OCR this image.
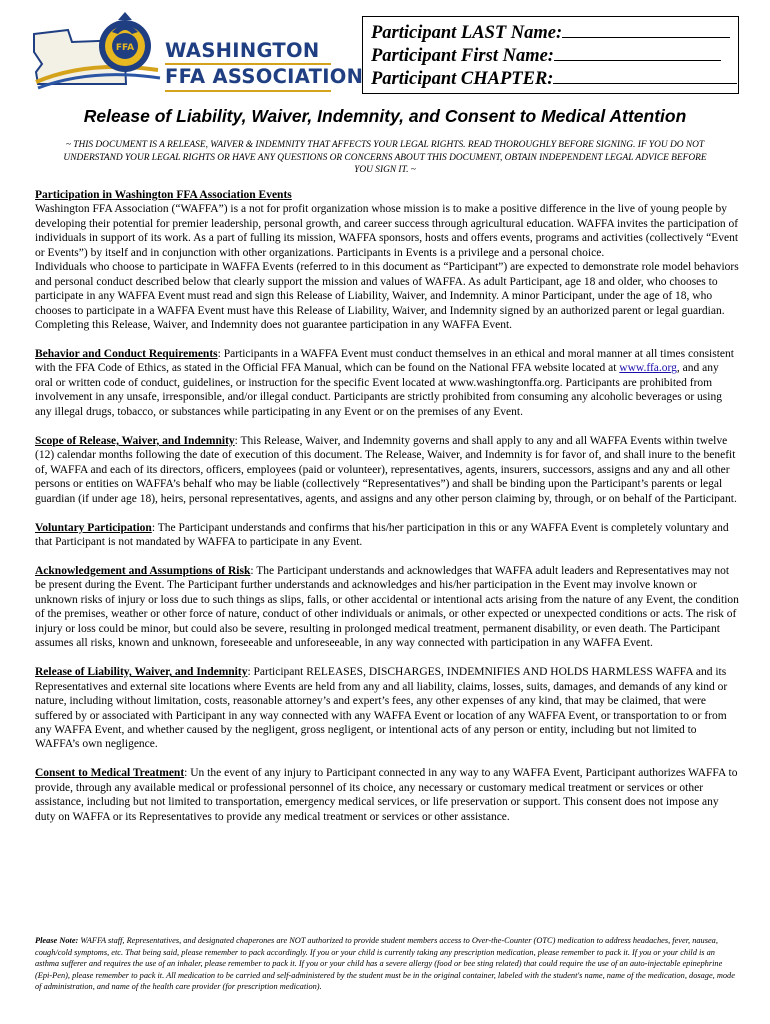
FFA WASHINGTON
FFA ASSOCIATION
Participant LAST Name:
Participant First Name:
Participant CHAPTER:
Release of Liability, Waiver, Indemnity, and Consent to Medical Attention
~ THIS DOCUMENT IS A RELEASE, WAIVER & INDEMNITY THAT AFFECTS YOUR LEGAL RIGHTS. READ THOROUGHLY BEFORE SIGNING. IF YOU DO NOT UNDERSTAND YOUR LEGAL RIGHTS OR HAVE ANY QUESTIONS OR CONCERNS ABOUT THIS DOCUMENT, OBTAIN INDEPENDENT LEGAL ADVICE BEFORE YOU SIGN IT. ~

Participation in Washington FFA Association Events

Washington FFA Association (“WAFFA”) is a not for profit organization whose mission is to make a positive difference in the live of young people by developing their potential for premier leadership, personal growth, and career success through agricultural education. WAFFA invites the participation of individuals in support of its work. As a part of fulling its mission, WAFFA sponsors, hosts and offers events, programs and activities (collectively “Event or Events”) by itself and in conjunction with other organizations. Participants in Events is a privilege and a personal choice.

Individuals who choose to participate in WAFFA Events (referred to in this document as “Participant”) are expected to demonstrate role model behaviors and personal conduct described below that clearly support the mission and values of WAFFA. As adult Participant, age 18 and older, who chooses to participate in any WAFFA Event must read and sign this Release of Liability, Waiver, and Indemnity. A minor Participant, under the age of 18, who chooses to participate in a WAFFA Event must have this Release of Liability, Waiver, and Indemnity signed by an authorized parent or legal guardian. Completing this Release, Waiver, and Indemnity does not guarantee participation in any WAFFA Event.

Behavior and Conduct Requirements: Participants in a WAFFA Event must conduct themselves in an ethical and moral manner at all times consistent with the FFA Code of Ethics, as stated in the Official FFA Manual, which can be found on the National FFA website located at www.ffa.org, and any oral or written code of conduct, guidelines, or instruction for the specific Event located at www.washingtonffa.org. Participants are prohibited from involvement in any unsafe, irresponsible, and/or illegal conduct. Participants are strictly prohibited from consuming any alcoholic beverages or using any illegal drugs, tobacco, or substances while participating in any Event or on the premises of any Event.

Scope of Release, Waiver, and Indemnity: This Release, Waiver, and Indemnity governs and shall apply to any and all WAFFA Events within twelve (12) calendar months following the date of execution of this document. The Release, Waiver, and Indemnity is for favor of, and shall inure to the benefit of, WAFFA and each of its directors, officers, employees (paid or volunteer), representatives, agents, insurers, successors, assigns and any and all other persons or entities on WAFFA’s behalf who may be liable (collectively “Representatives”) and shall be binding upon the Participant’s parents or legal guardian (if under age 18), heirs, personal representatives, agents, and assigns and any other person claiming by, through, or on behalf of the Participant.

Voluntary Participation: The Participant understands and confirms that his/her participation in this or any WAFFA Event is completely voluntary and that Participant is not mandated by WAFFA to participate in any Event.

Acknowledgement and Assumptions of Risk: The Participant understands and acknowledges that WAFFA adult leaders and Representatives may not be present during the Event. The Participant further understands and acknowledges and his/her participation in the Event may involve known or unknown risks of injury or loss due to such things as slips, falls, or other accidental or intentional acts arising from the nature of any Event, the condition of the premises, weather or other force of nature, conduct of other individuals or animals, or other expected or unexpected conditions or acts. The risk of injury or loss could be minor, but could also be severe, resulting in prolonged medical treatment, permanent disability, or even death. The Participant assumes all risks, known and unknown, foreseeable and unforeseeable, in any way connected with participation in any WAFFA Event.

Release of Liability, Waiver, and Indemnity: Participant RELEASES, DISCHARGES, INDEMNIFIES AND HOLDS HARMLESS WAFFA and its Representatives and external site locations where Events are held from any and all liability, claims, losses, suits, damages, and demands of any kind or nature, including without limitation, costs, reasonable attorney’s and expert’s fees, any other expenses of any kind, that may be claimed, that were suffered by or associated with Participant in any way connected with any WAFFA Event or location of any WAFFA Event, or transportation to or from any WAFFA Event, and whether caused by the negligent, gross negligent, or intentional acts of any person or entity, including but not limited to WAFFA’s own negligence.

Consent to Medical Treatment: Un the event of any injury to Participant connected in any way to any WAFFA Event, Participant authorizes WAFFA to provide, through any available medical or professional personnel of its choice, any necessary or customary medical treatment or services or other assistance, including but not limited to transportation, emergency medical services, or life preservation or support. This consent does not impose any duty on WAFFA or its Representatives to provide any medical treatment or services or other assistance.

Please Note: WAFFA staff, Representatives, and designated chaperones are NOT authorized to provide student members access to Over-the-Counter (OTC) medication to address headaches, fever, nausea, cough/cold symptoms, etc. That being said, please remember to pack accordingly. If you or your child is currently taking any prescription medication, please remember to pack it. If you or your child is an asthma sufferer and requires the use of an inhaler, please remember to pack it. If you or your child has a severe allergy (food or bee sting related) that could require the use of an auto-injectable epinephrine (Epi-Pen), please remember to pack it. All medication to be carried and self-administered by the student must be in the original container, labeled with the student's name, name of the medication, dosage, mode of administration, and name of the health care provider (for prescription medication).
